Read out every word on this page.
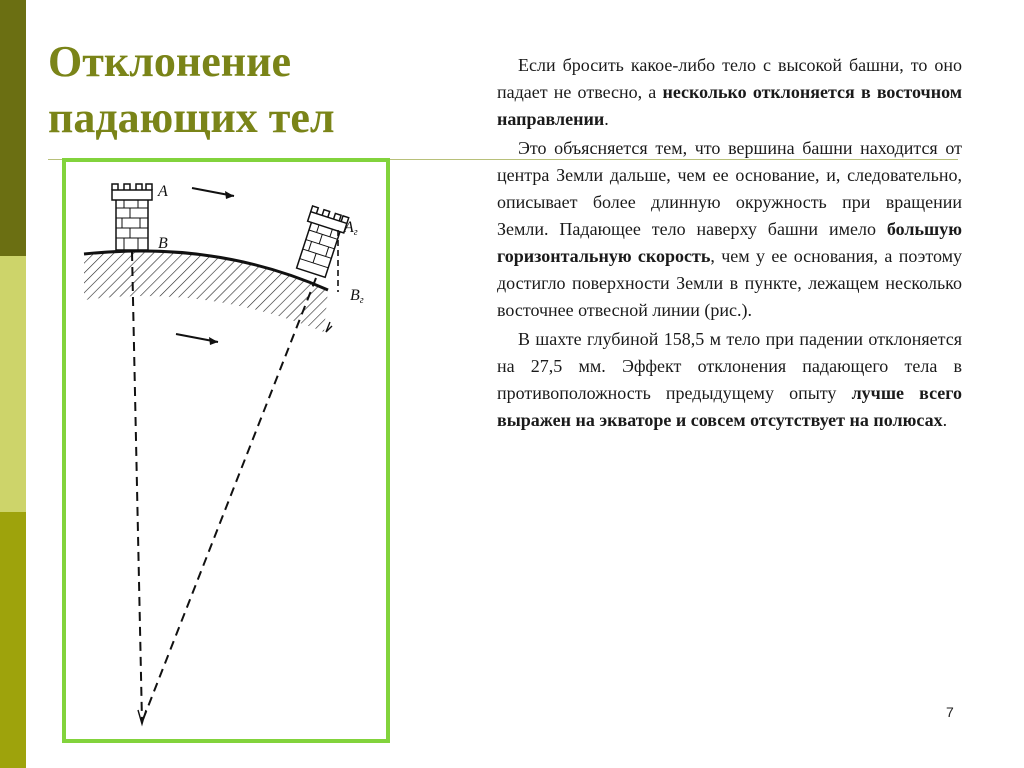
Отклонение
падающих тел
A
B
Aг
Bг

Если бросить какое-либо тело с высокой башни, то оно падает не отвесно, а несколько отклоняется в восточном направлении.

Это объясняется тем, что вершина башни находится от центра Земли дальше, чем ее основание, и, следовательно, описывает более длинную окружность при вращении Земли. Падающее тело наверху башни имело большую горизонтальную скорость, чем у ее основания, а поэтому достигло поверхности Земли в пункте, лежащем несколько восточнее отвесной линии (рис.).

В шахте глубиной 158,5 м тело при падении отклоняется на 27,5 мм. Эффект отклонения падающего тела в противоположность предыдущему опыту лучше всего выражен на экваторе и совсем отсутствует на полюсах.

7
